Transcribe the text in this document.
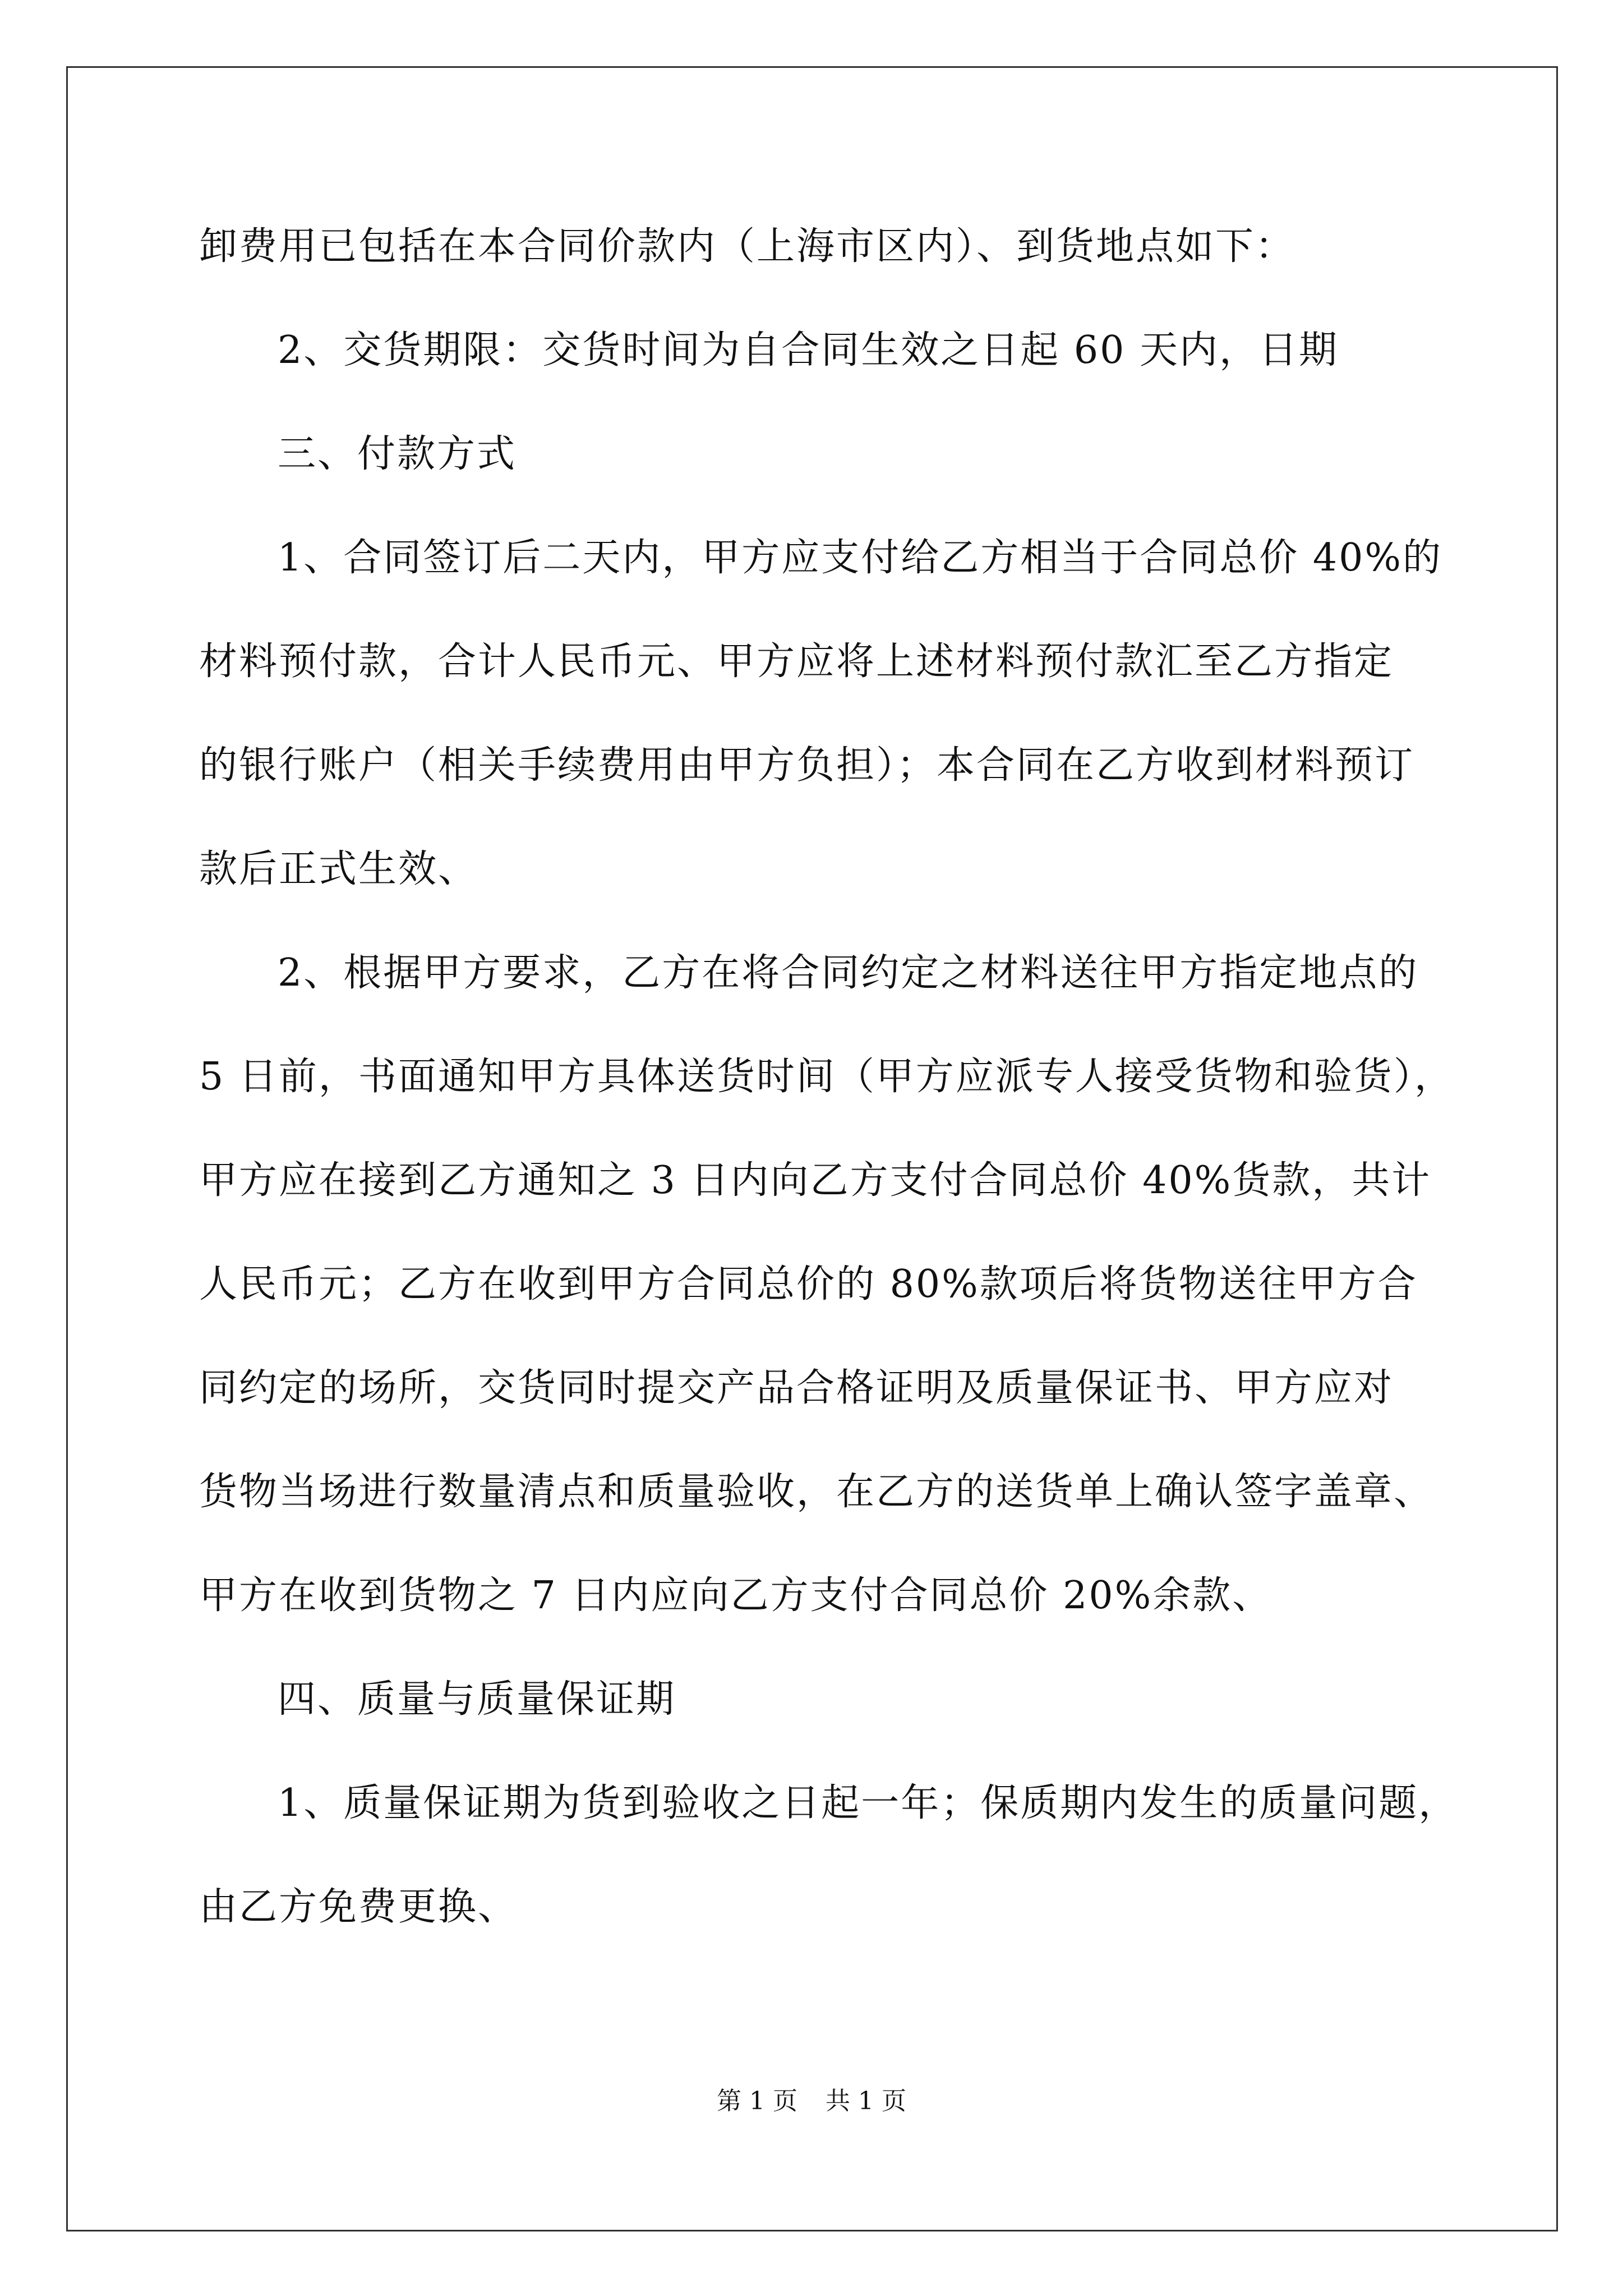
卸费用已包括在本合同价款内（上海市区内）、到货地点如下：
2、交货期限：交货时间为自合同生效之日起 60 天内，日期
三、付款方式
1、合同签订后二天内，甲方应支付给乙方相当于合同总价 40%的
材料预付款，合计人民币元、甲方应将上述材料预付款汇至乙方指定
的银行账户（相关手续费用由甲方负担）；本合同在乙方收到材料预订
款后正式生效、
2、根据甲方要求，乙方在将合同约定之材料送往甲方指定地点的
5 日前，书面通知甲方具体送货时间（甲方应派专人接受货物和验货），
甲方应在接到乙方通知之 3 日内向乙方支付合同总价 40%货款，共计
人民币元；乙方在收到甲方合同总价的 80%款项后将货物送往甲方合
同约定的场所，交货同时提交产品合格证明及质量保证书、甲方应对
货物当场进行数量清点和质量验收，在乙方的送货单上确认签字盖章、
甲方在收到货物之 7 日内应向乙方支付合同总价 20%余款、
四、质量与质量保证期
1、质量保证期为货到验收之日起一年；保质期内发生的质量问题，
由乙方免费更换、
第 1 页 共 1 页
